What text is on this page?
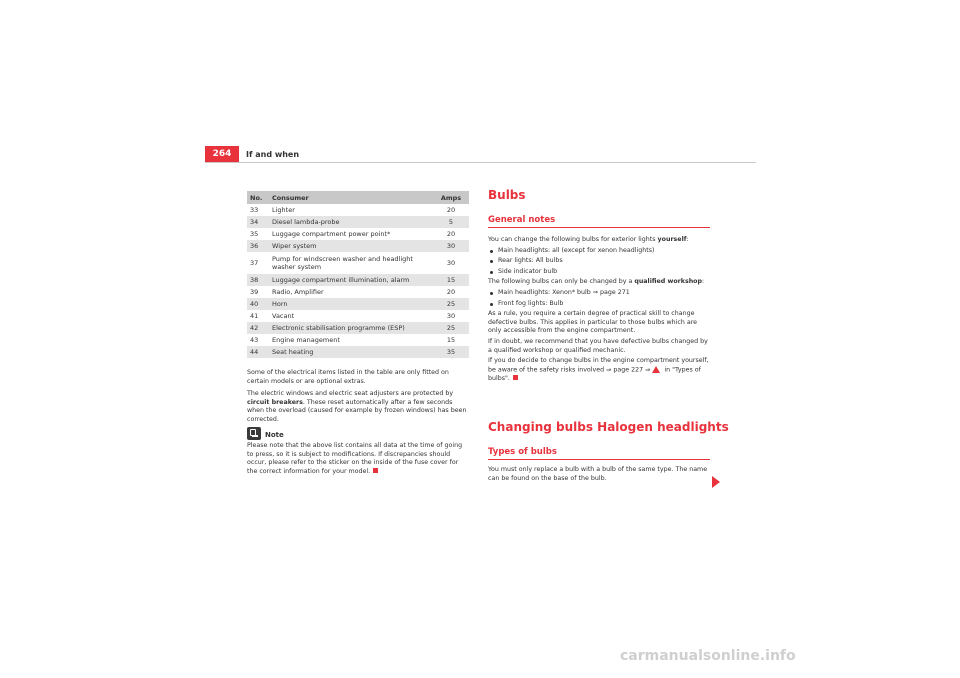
264	If and when
No.	Consumer	Amps
33	Lighter	20
34	Diesel lambda-probe	5
35	Luggage compartment power point*	20
36	Wiper system	30
37	Pump for windscreen washer and headlight washer system	30
38	Luggage compartment illumination, alarm	15
39	Radio, Amplifier	20
40	Horn	25
41	Vacant	30
42	Electronic stabilisation programme (ESP)	25
43	Engine management	15
44	Seat heating	35

Some of the electrical items listed in the table are only fitted on certain models or are optional extras.

The electric windows and electric seat adjusters are protected by circuit breakers. These reset automatically after a few seconds when the overload (caused for example by frozen windows) has been corrected.

Note

Please note that the above list contains all data at the time of going to press, so it is subject to modifications. If discrepancies should occur, please refer to the sticker on the inside of the fuse cover for the correct information for your model.

Bulbs
General notes

You can change the following bulbs for exterior lights yourself:

Main headlights: all (except for xenon headlights)
Rear lights: All bulbs
Side indicator bulb

The following bulbs can only be changed by a qualified workshop:

Main headlights: Xenon* bulb ⇒ page 271
Front fog lights: Bulb

As a rule, you require a certain degree of practical skill to change defective bulbs. This applies in particular to those bulbs which are only accessible from the engine compartment.

If in doubt, we recommend that you have defective bulbs changed by a qualified workshop or qualified mechanic.

If you do decide to change bulbs in the engine compartment yourself, be aware of the safety risks involved ⇒ page 227 ⇒ in "Types of bulbs".

Changing bulbs Halogen headlights
Types of bulbs

You must only replace a bulb with a bulb of the same type. The name can be found on the base of the bulb.

carmanualsonline.info
